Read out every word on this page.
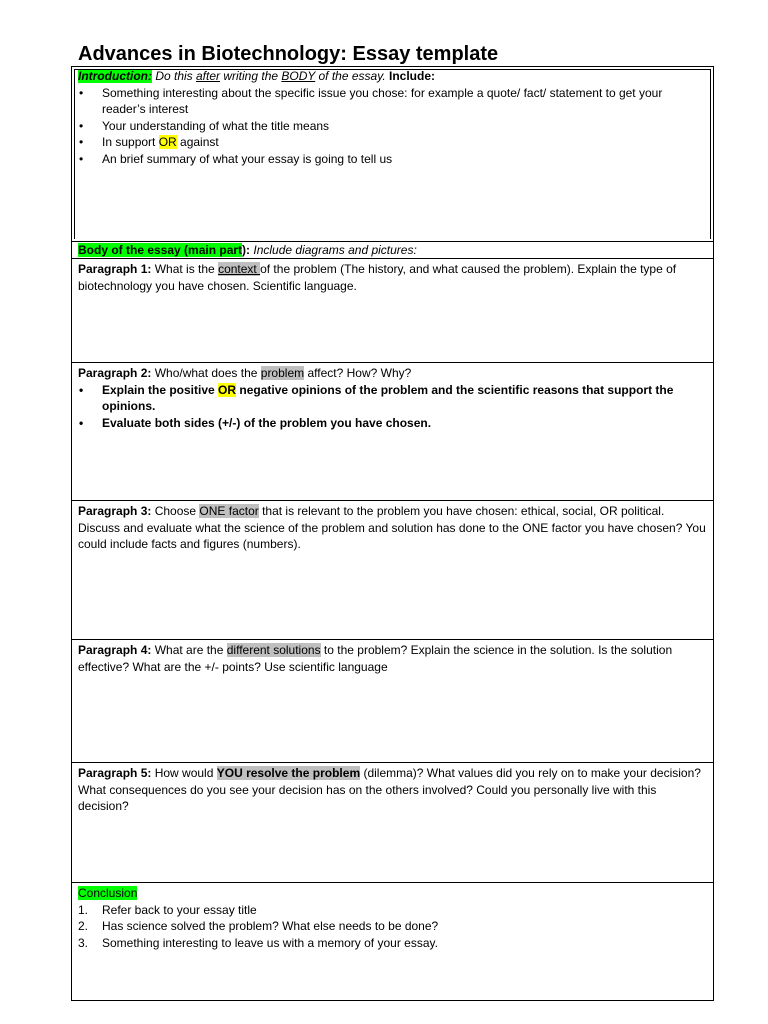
Advances in Biotechnology: Essay template

Introduction: Do this after writing the BODY of the essay. Include:

• Something interesting about the specific issue you chose: for example a quote/ fact/ statement to get your reader’s interest
• Your understanding of what the title means
• In support OR against
• An brief summary of what your essay is going to tell us
Body of the essay (main part): Include diagrams and pictures:

Paragraph 1: What is the context of the problem (The history, and what caused the problem). Explain the type of biotechnology you have chosen. Scientific language.

Paragraph 2: Who/what does the problem affect? How? Why?

• Explain the positive OR negative opinions of the problem and the scientific reasons that support the opinions.
• Evaluate both sides (+/-) of the problem you have chosen.

Paragraph 3: Choose ONE factor that is relevant to the problem you have chosen: ethical, social, OR political. Discuss and evaluate what the science of the problem and solution has done to the ONE factor you have chosen? You could include facts and figures (numbers).

Paragraph 4: What are the different solutions to the problem? Explain the science in the solution. Is the solution effective? What are the +/- points? Use scientific language

Paragraph 5: How would YOU resolve the problem (dilemma)? What values did you rely on to make your decision? What consequences do you see your decision has on the others involved? Could you personally live with this decision?

Conclusion

1. Refer back to your essay title
2. Has science solved the problem? What else needs to be done?
3. Something interesting to leave us with a memory of your essay.
